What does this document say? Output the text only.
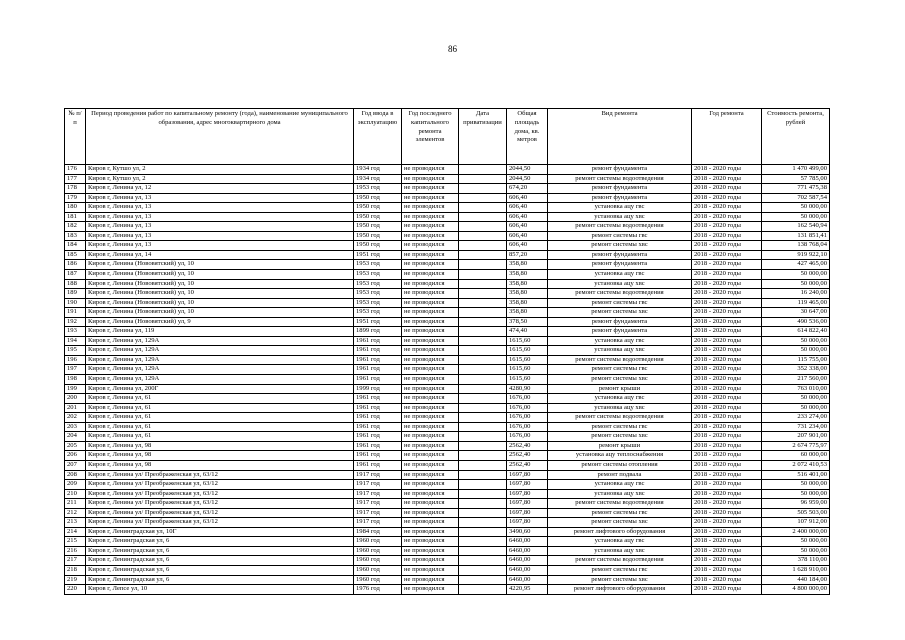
86
№ п/п	Период проведения работ по капитальному ремонту (года), наименование муниципального образования, адрес многоквартирного дома	Год ввода в эксплуатацию	Год последнего капитального ремонта элементов	Дата приватизации	Общая площадь дома, кв. метров	Вид ремонта	Год ремонта	Стоимость ремонта, рублей
176	Киров г, Кутшо ул, 2	1934 год	не проводился		2044,50	ремонт фундамента	2018 - 2020 годы	1 470 499,00
177	Киров г, Кутшо ул, 2	1934 год	не проводился		2044,50	ремонт системы водоотведения	2018 - 2020 годы	57 785,00
178	Киров г, Ленина ул, 12	1953 год	не проводился		674,20	ремонт фундамента	2018 - 2020 годы	771 475,38
179	Киров г, Ленина ул, 13	1950 год	не проводился		606,40	ремонт фундамента	2018 - 2020 годы	702 587,54
180	Киров г, Ленина ул, 13	1950 год	не проводился		606,40	установка ацу гвс	2018 - 2020 годы	50 000,00
181	Киров г, Ленина ул, 13	1950 год	не проводился		606,40	установка ацу хвс	2018 - 2020 годы	50 000,00
182	Киров г, Ленина ул, 13	1950 год	не проводился		606,40	ремонт системы водоотведения	2018 - 2020 годы	162 540,94
183	Киров г, Ленина ул, 13	1950 год	не проводился		606,40	ремонт системы гвс	2018 - 2020 годы	131 851,41
184	Киров г, Ленина ул, 13	1950 год	не проводился		606,40	ремонт системы хвс	2018 - 2020 годы	138 768,04
185	Киров г, Ленина ул, 14	1951 год	не проводился		857,20	ремонт фундамента	2018 - 2020 годы	919 922,10
186	Киров г, Ленина (Нововятский) ул, 10	1953 год	не проводился		358,80	ремонт фундамента	2018 - 2020 годы	427 465,00
187	Киров г, Ленина (Нововятский) ул, 10	1953 год	не проводился		358,80	установка ацу гвс	2018 - 2020 годы	50 000,00
188	Киров г, Ленина (Нововятский) ул, 10	1953 год	не проводился		358,80	установка ацу хвс	2018 - 2020 годы	50 000,00
189	Киров г, Ленина (Нововятский) ул, 10	1953 год	не проводился		358,80	ремонт системы водоотведения	2018 - 2020 годы	16 240,00
190	Киров г, Ленина (Нововятский) ул, 10	1953 год	не проводился		358,80	ремонт системы гвс	2018 - 2020 годы	119 465,00
191	Киров г, Ленина (Нововятский) ул, 10	1953 год	не проводился		358,80	ремонт системы хвс	2018 - 2020 годы	30 647,00
192	Киров г, Ленина (Нововятский) ул, 9	1951 год	не проводился		378,50	ремонт фундамента	2018 - 2020 годы	490 536,00
193	Киров г, Ленина ул, 119	1899 год	не проводился		474,40	ремонт фундамента	2018 - 2020 годы	614 822,40
194	Киров г, Ленина ул, 129А	1961 год	не проводился		1615,60	установка ацу гвс	2018 - 2020 годы	50 000,00
195	Киров г, Ленина ул, 129А	1961 год	не проводился		1615,60	установка ацу хвс	2018 - 2020 годы	50 000,00
196	Киров г, Ленина ул, 129А	1961 год	не проводился		1615,60	ремонт системы водоотведения	2018 - 2020 годы	115 755,00
197	Киров г, Ленина ул, 129А	1961 год	не проводился		1615,60	ремонт системы гвс	2018 - 2020 годы	352 338,00
198	Киров г, Ленина ул, 129А	1961 год	не проводился		1615,60	ремонт системы хвс	2018 - 2020 годы	217 560,00
199	Киров г, Ленина ул, 200Г	1999 год	не проводился		4280,90	ремонт крыши	2018 - 2020 годы	763 010,00
200	Киров г, Ленина ул, 61	1961 год	не проводился		1676,00	установка ацу гвс	2018 - 2020 годы	50 000,00
201	Киров г, Ленина ул, 61	1961 год	не проводился		1676,00	установка ацу хвс	2018 - 2020 годы	50 000,00
202	Киров г, Ленина ул, 61	1961 год	не проводился		1676,00	ремонт системы водоотведения	2018 - 2020 годы	233 274,00
203	Киров г, Ленина ул, 61	1961 год	не проводился		1676,00	ремонт системы гвс	2018 - 2020 годы	731 234,00
204	Киров г, Ленина ул, 61	1961 год	не проводился		1676,00	ремонт системы хвс	2018 - 2020 годы	207 901,00
205	Киров г, Ленина ул, 98	1961 год	не проводился		2562,40	ремонт крыши	2018 - 2020 годы	2 674 775,97
206	Киров г, Ленина ул, 98	1961 год	не проводился		2562,40	установка ацу теплоснабжения	2018 - 2020 годы	60 000,00
207	Киров г, Ленина ул, 98	1961 год	не проводился		2562,40	ремонт системы отопления	2018 - 2020 годы	2 072 410,53
208	Киров г, Ленина ул/ Преображенская ул, 63/12	1917 год	не проводился		1697,80	ремонт подвала	2018 - 2020 годы	516 401,00
209	Киров г, Ленина ул/ Преображенская ул, 63/12	1917 год	не проводился		1697,80	установка ацу гвс	2018 - 2020 годы	50 000,00
210	Киров г, Ленина ул/ Преображенская ул, 63/12	1917 год	не проводился		1697,80	установка ацу хвс	2018 - 2020 годы	50 000,00
211	Киров г, Ленина ул/ Преображенская ул, 63/12	1917 год	не проводился		1697,80	ремонт системы водоотведения	2018 - 2020 годы	96 959,00
212	Киров г, Ленина ул/ Преображенская ул, 63/12	1917 год	не проводился		1697,80	ремонт системы гвс	2018 - 2020 годы	505 503,00
213	Киров г, Ленина ул/ Преображенская ул, 63/12	1917 год	не проводился		1697,80	ремонт системы хвс	2018 - 2020 годы	107 912,00
214	Киров г, Ленинградская ул, 10Г	1984 год	не проводился		3490,60	ремонт лифтового оборудования	2018 - 2020 годы	2 400 000,00
215	Киров г, Ленинградская ул, 6	1960 год	не проводился		6460,00	установка ацу гвс	2018 - 2020 годы	50 000,00
216	Киров г, Ленинградская ул, 6	1960 год	не проводился		6460,00	установка ацу хвс	2018 - 2020 годы	50 000,00
217	Киров г, Ленинградская ул, 6	1960 год	не проводился		6460,00	ремонт системы водоотведения	2018 - 2020 годы	378 110,00
218	Киров г, Ленинградская ул, 6	1960 год	не проводился		6460,00	ремонт системы гвс	2018 - 2020 годы	1 628 910,00
219	Киров г, Ленинградская ул, 6	1960 год	не проводился		6460,00	ремонт системы хвс	2018 - 2020 годы	440 184,00
220	Киров г, Лепсе ул, 10	1976 год	не проводился		4220,95	ремонт лифтового оборудования	2018 - 2020 годы	4 800 000,00
